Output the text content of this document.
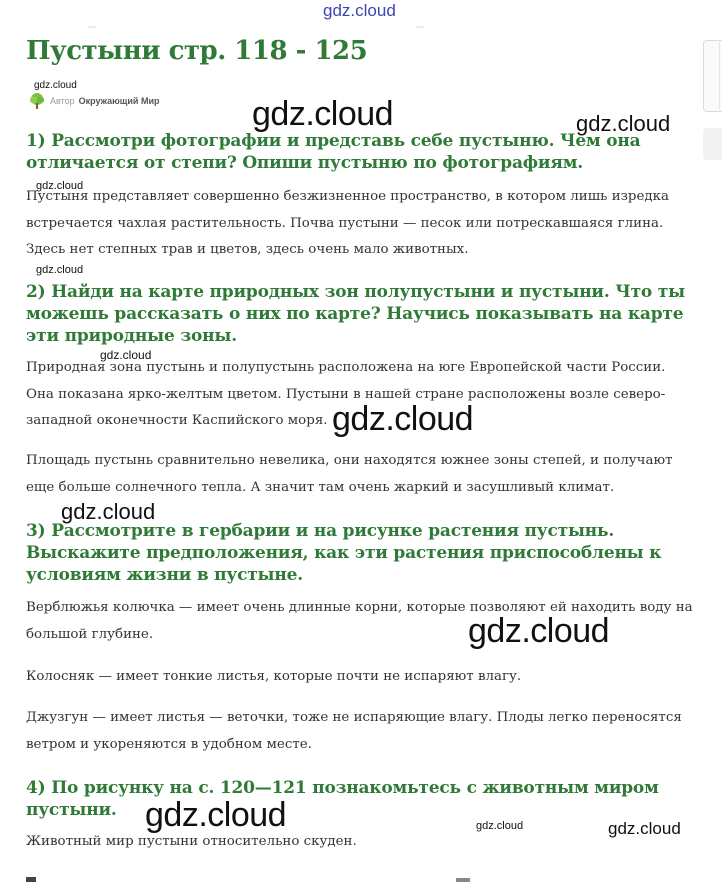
gdz.cloud
Пустыни стр. 118 - 125
gdz.cloud
Автор Окружающий Мир
1) Рассмотри фотографии и представь себе пустыню. Чем она отличается от степи? Опиши пустыню по фотографиям.
gdz.cloud

Пустыня представляет совершенно безжизненное пространство, в котором лишь изредка встречается чахлая растительность. Почва пустыни — песок или потрескавшаяся глина. Здесь нет степных трав и цветов, здесь очень мало животных.

gdz.cloud
2) Найди на карте природных зон полупустыни и пустыни. Что ты можешь рассказать о них по карте? Научись показывать на карте эти природные зоны.
gdz.cloud

Природная зона пустынь и полупустынь расположена на юге Европейской части России. Она показана ярко-желтым цветом. Пустыни в нашей стране расположены возле северо-западной оконечности Каспийского моря.

Площадь пустынь сравнительно невелика, они находятся южнее зоны степей, и получают еще больше солнечного тепла. А значит там очень жаркий и засушливый климат.

3) Рассмотрите в гербарии и на рисунке растения пустынь. Выскажите предположения, как эти растения приспособлены к условиям жизни в пустыне.

Верблюжья колючка — имеет очень длинные корни, которые позволяют ей находить воду на большой глубине.

Колосняк — имеет тонкие листья, которые почти не испаряют влагу.

Джузгун — имеет листья — веточки, тоже не испаряющие влагу. Плоды легко переносятся ветром и укореняются в удобном месте.

4) По рисунку на с. 120—121 познакомьтесь с животным миром пустыни.

Животный мир пустыни относительно скуден.

gdz.cloud	gdz.cloud
gdz.cloud
gdz.cloud
gdz.cloud
gdz.cloud	gdz.cloud	gdz.cloud
